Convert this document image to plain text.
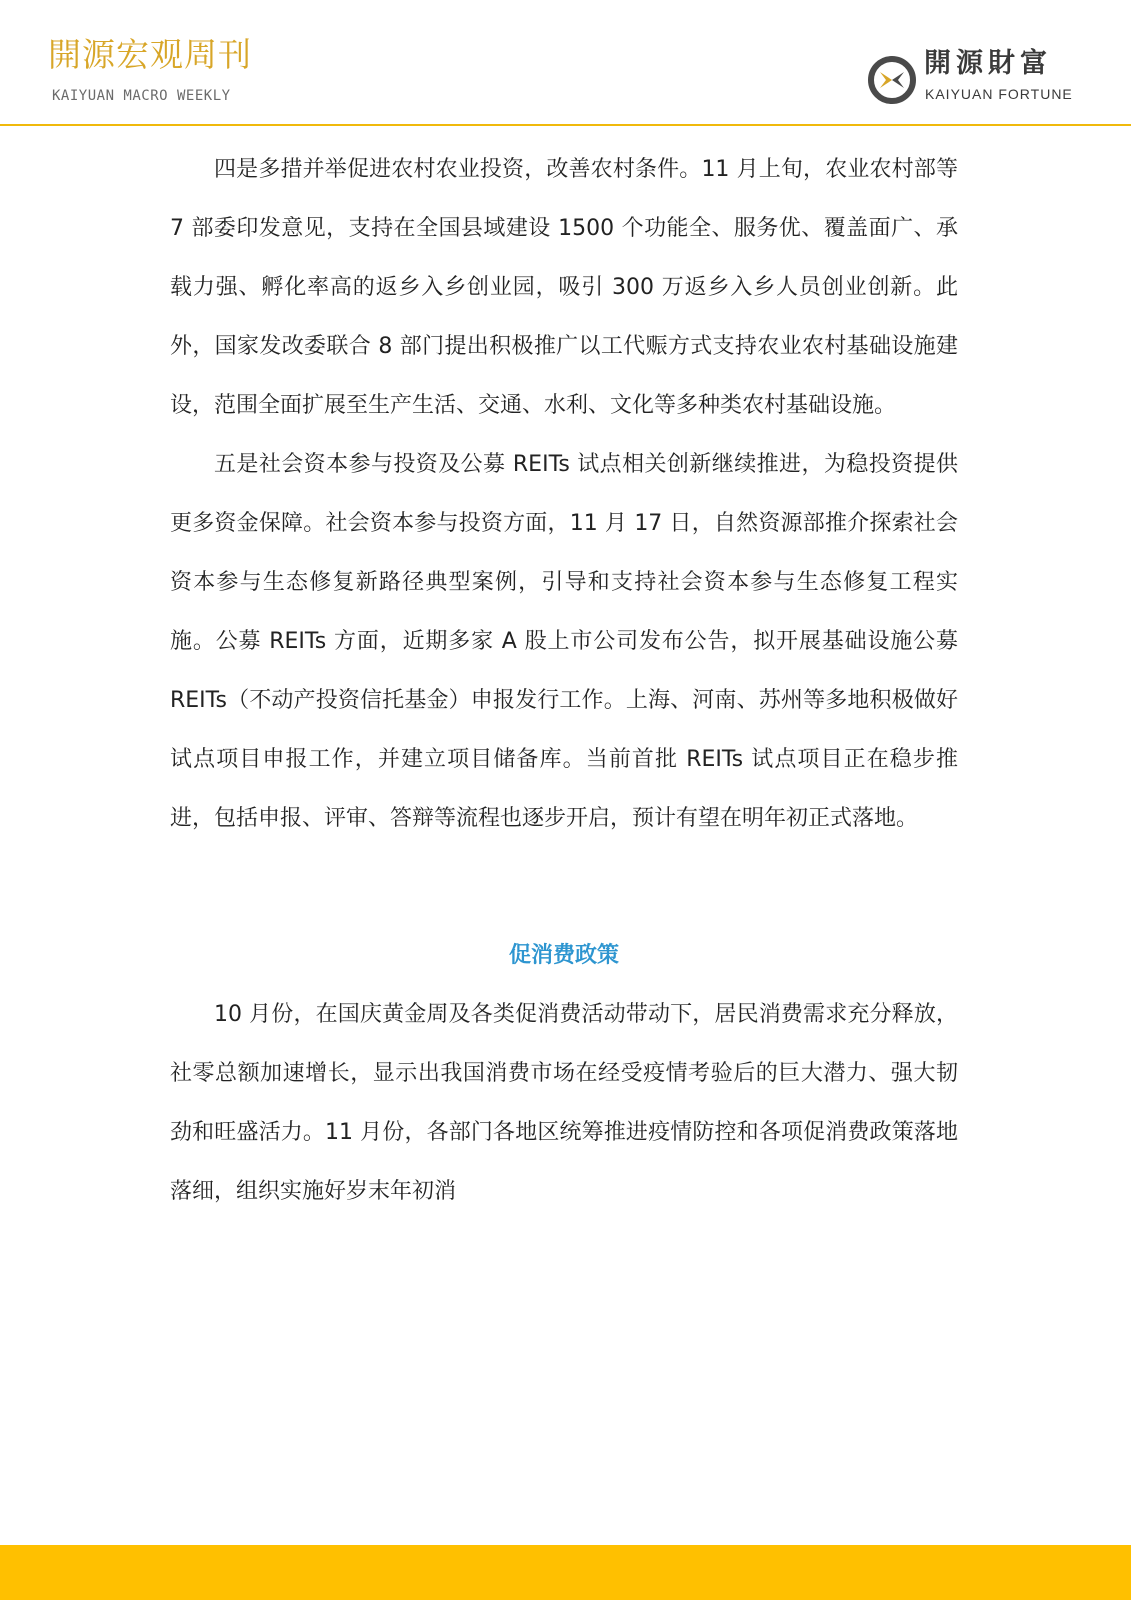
開源宏观周刊
KAIYUAN MACRO WEEKLY
開源財富
KAIYUAN FORTUNE

四是多措并举促进农村农业投资，改善农村条件。11 月上旬，农业农村部等 7 部委印发意见，支持在全国县域建设 1500 个功能全、服务优、覆盖面广、承载力强、孵化率高的返乡入乡创业园，吸引 300 万返乡入乡人员创业创新。此外，国家发改委联合 8 部门提出积极推广以工代赈方式支持农业农村基础设施建设，范围全面扩展至生产生活、交通、水利、文化等多种类农村基础设施。

五是社会资本参与投资及公募 REITs 试点相关创新继续推进，为稳投资提供更多资金保障。社会资本参与投资方面，11 月 17 日，自然资源部推介探索社会资本参与生态修复新路径典型案例，引导和支持社会资本参与生态修复工程实施。公募 REITs 方面，近期多家 A 股上市公司发布公告，拟开展基础设施公募 REITs（不动产投资信托基金）申报发行工作。上海、河南、苏州等多地积极做好试点项目申报工作，并建立项目储备库。当前首批 REITs 试点项目正在稳步推进，包括申报、评审、答辩等流程也逐步开启，预计有望在明年初正式落地。

促消费政策

10 月份，在国庆黄金周及各类促消费活动带动下，居民消费需求充分释放，社零总额加速增长，显示出我国消费市场在经受疫情考验后的巨大潜力、强大韧劲和旺盛活力。11 月份，各部门各地区统筹推进疫情防控和各项促消费政策落地落细，组织实施好岁末年初消
